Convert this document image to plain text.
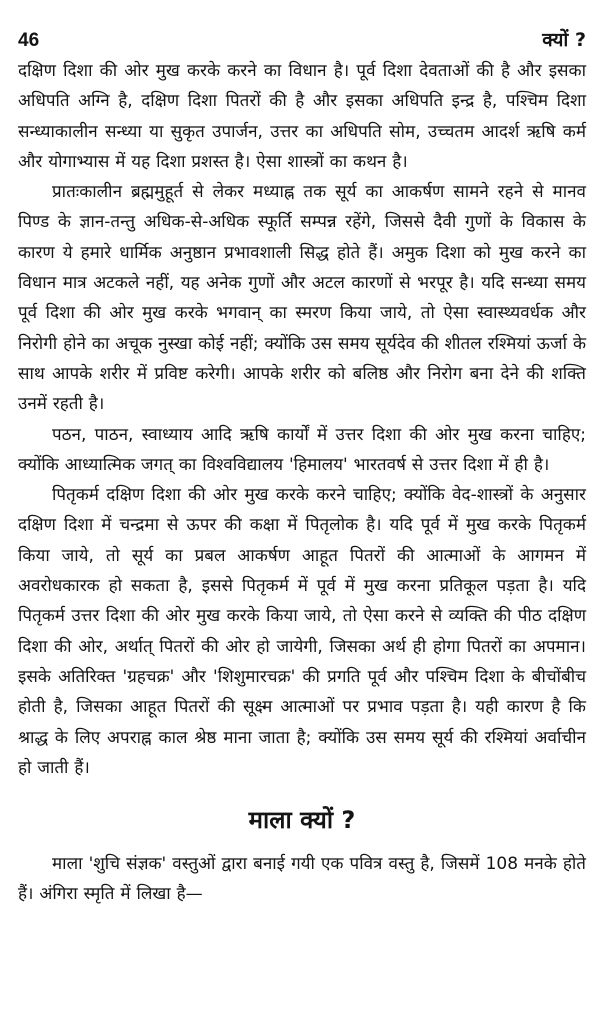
46	क्यों ?

दक्षिण दिशा की ओर मुख करके करने का विधान है। पूर्व दिशा देवताओं की है और इसका अधिपति अग्नि है, दक्षिण दिशा पितरों की है और इसका अधिपति इन्द्र है, पश्चिम दिशा सन्ध्याकालीन सन्ध्या या सुकृत उपार्जन, उत्तर का अधिपति सोम, उच्चतम आदर्श ऋषि कर्म और योगाभ्यास में यह दिशा प्रशस्त है। ऐसा शास्त्रों का कथन है।

प्रातःकालीन ब्रह्ममुहूर्त से लेकर मध्याह्न तक सूर्य का आकर्षण सामने रहने से मानव पिण्ड के ज्ञान-तन्तु अधिक-से-अधिक स्फूर्ति सम्पन्न रहेंगे, जिससे दैवी गुणों के विकास के कारण ये हमारे धार्मिक अनुष्ठान प्रभावशाली सिद्ध होते हैं। अमुक दिशा को मुख करने का विधान मात्र अटकले नहीं, यह अनेक गुणों और अटल कारणों से भरपूर है। यदि सन्ध्या समय पूर्व दिशा की ओर मुख करके भगवान् का स्मरण किया जाये, तो ऐसा स्वास्थ्यवर्धक और निरोगी होने का अचूक नुस्खा कोई नहीं; क्योंकि उस समय सूर्यदेव की शीतल रश्मियां ऊर्जा के साथ आपके शरीर में प्रविष्ट करेगी। आपके शरीर को बलिष्ठ और निरोग बना देने की शक्ति उनमें रहती है।

पठन, पाठन, स्वाध्याय आदि ऋषि कार्यों में उत्तर दिशा की ओर मुख करना चाहिए; क्योंकि आध्यात्मिक जगत् का विश्वविद्यालय 'हिमालय' भारतवर्ष से उत्तर दिशा में ही है।

पितृकर्म दक्षिण दिशा की ओर मुख करके करने चाहिए; क्योंकि वेद-शास्त्रों के अनुसार दक्षिण दिशा में चन्द्रमा से ऊपर की कक्षा में पितृलोक है। यदि पूर्व में मुख करके पितृकर्म किया जाये, तो सूर्य का प्रबल आकर्षण आहूत पितरों की आत्माओं के आगमन में अवरोधकारक हो सकता है, इससे पितृकर्म में पूर्व में मुख करना प्रतिकूल पड़ता है। यदि पितृकर्म उत्तर दिशा की ओर मुख करके किया जाये, तो ऐसा करने से व्यक्ति की पीठ दक्षिण दिशा की ओर, अर्थात् पितरों की ओर हो जायेगी, जिसका अर्थ ही होगा पितरों का अपमान। इसके अतिरिक्त 'ग्रहचक्र' और 'शिशुमारचक्र' की प्रगति पूर्व और पश्चिम दिशा के बीचोंबीच होती है, जिसका आहूत पितरों की सूक्ष्म आत्माओं पर प्रभाव पड़ता है। यही कारण है कि श्राद्ध के लिए अपराह्न काल श्रेष्ठ माना जाता है; क्योंकि उस समय सूर्य की रश्मियां अर्वाचीन हो जाती हैं।

माला क्यों ?

माला 'शुचि संज्ञक' वस्तुओं द्वारा बनाई गयी एक पवित्र वस्तु है, जिसमें 108 मनके होते हैं। अंगिरा स्मृति में लिखा है—
